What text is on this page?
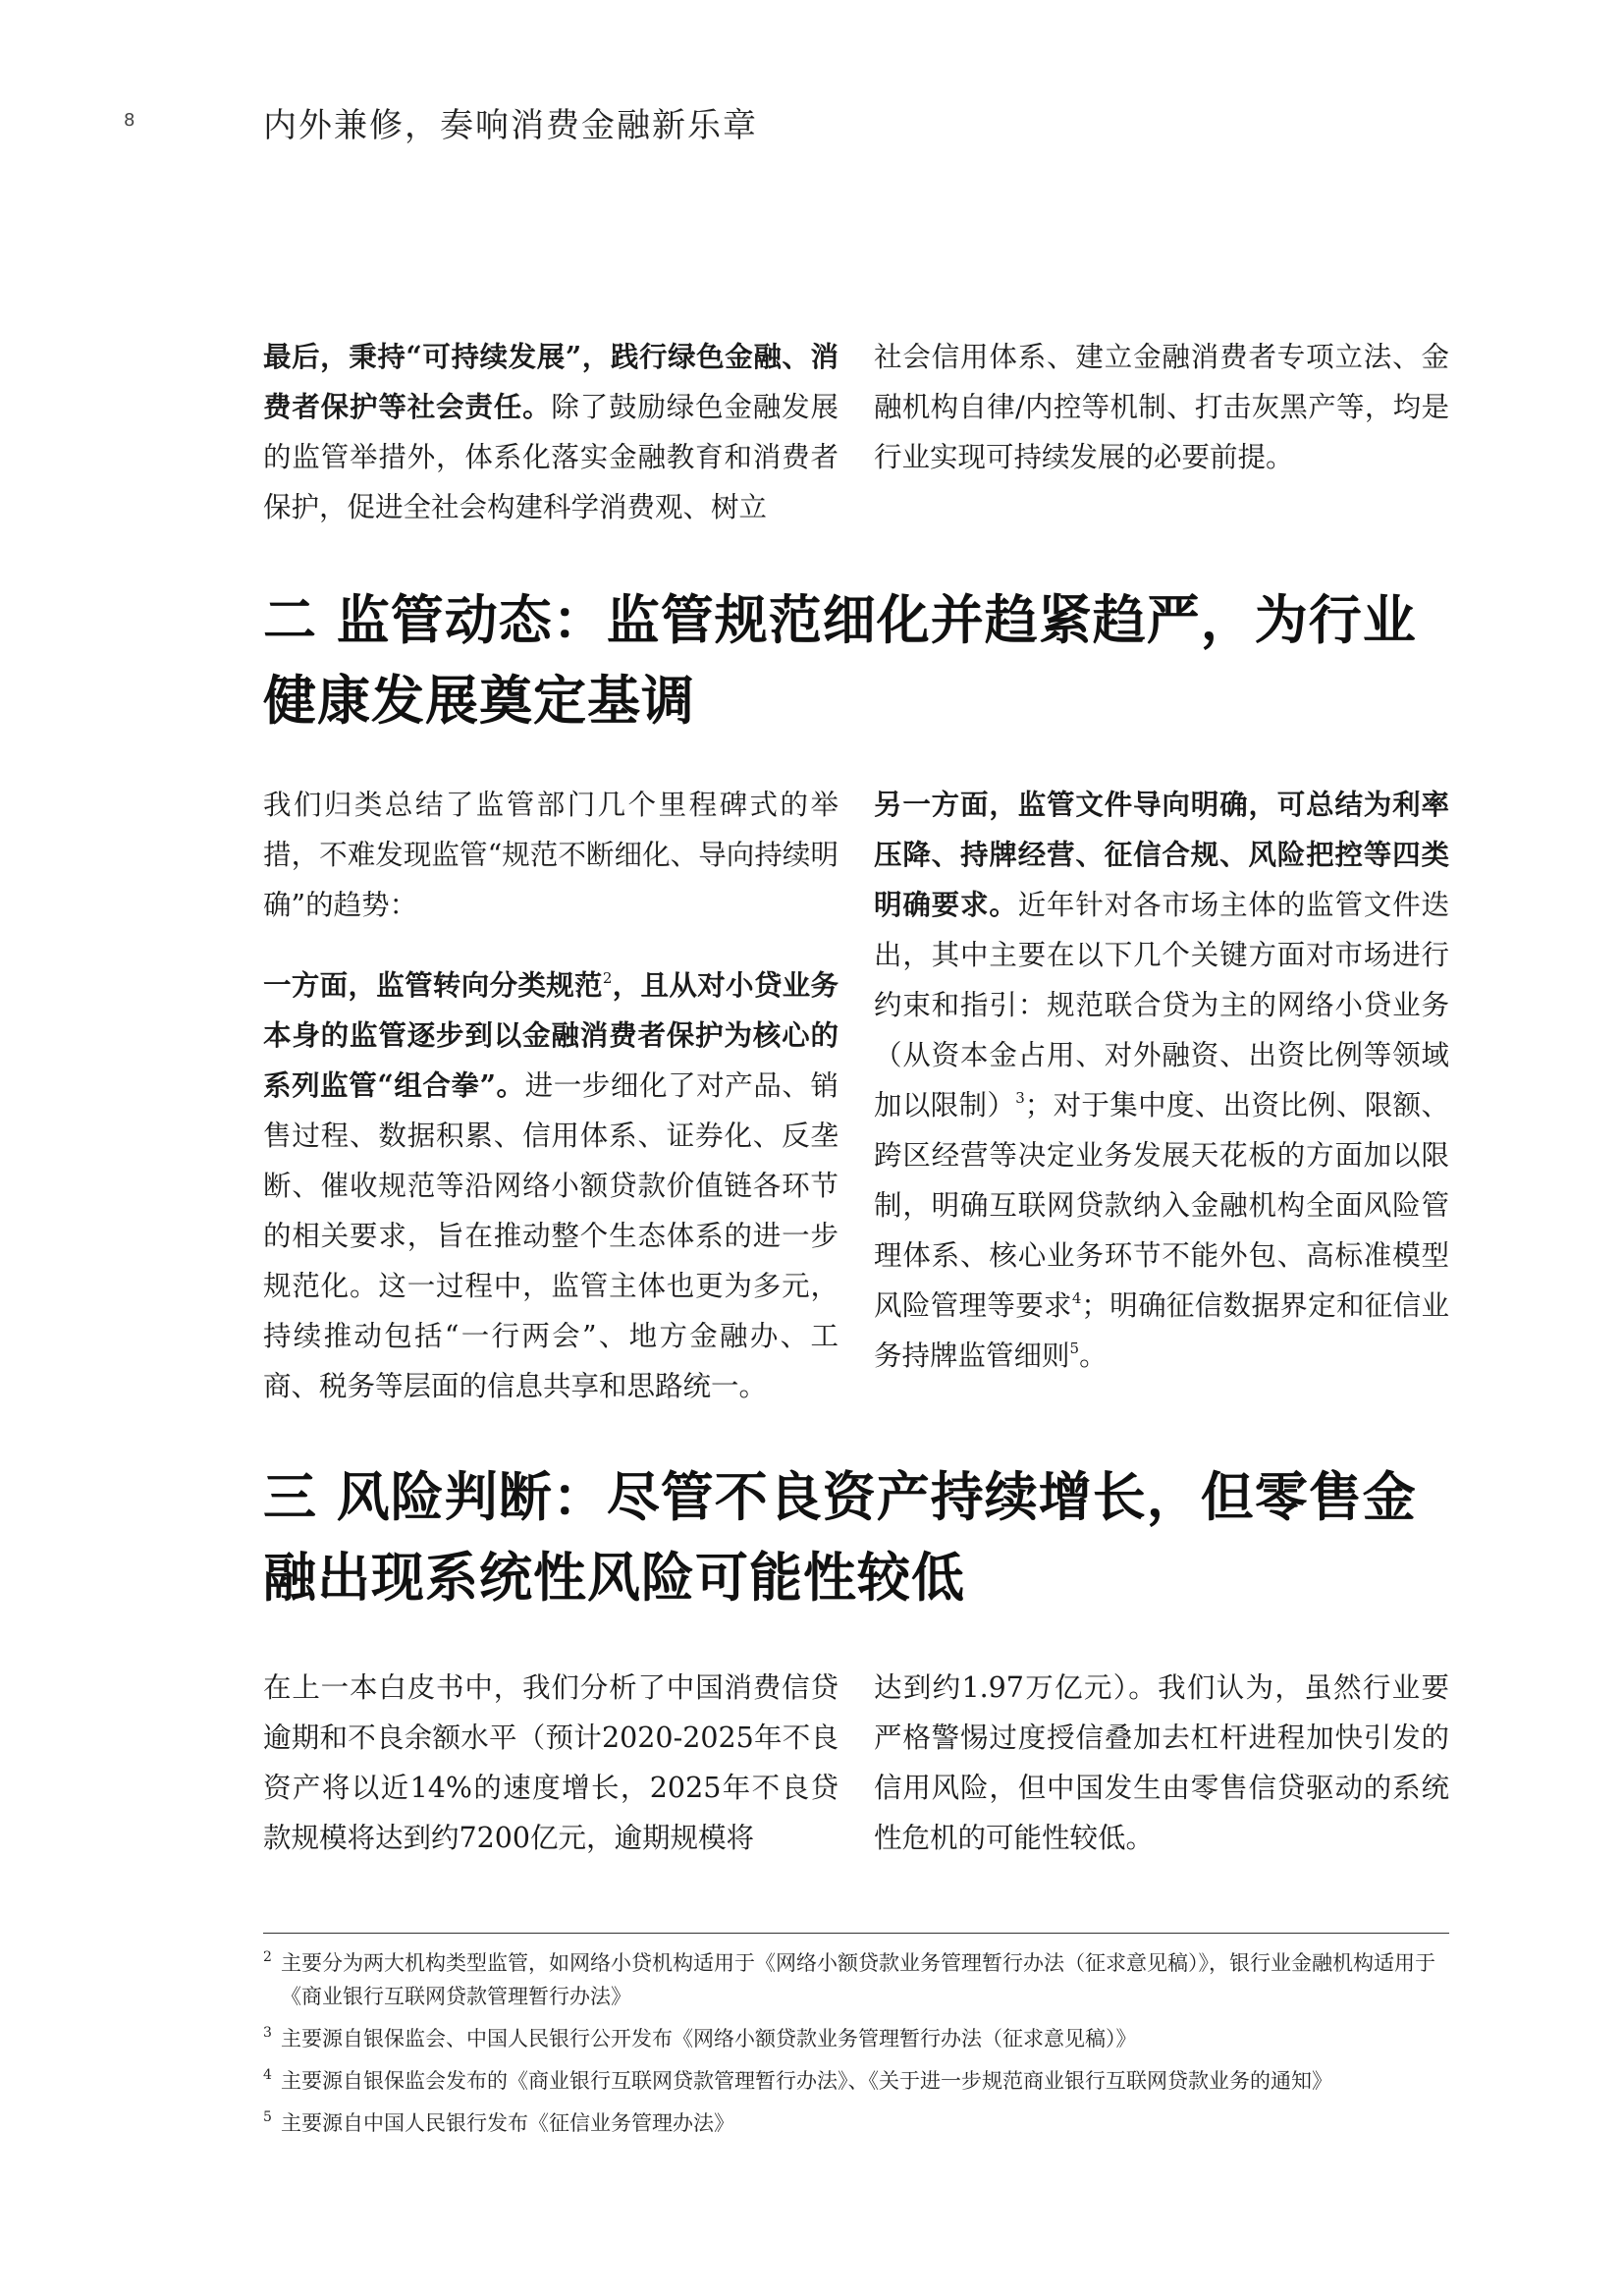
8	内外兼修，奏响消费金融新乐章

最后，秉持“可持续发展”，践行绿色金融、消费者保护等社会责任。除了鼓励绿色金融发展的监管举措外，体系化落实金融教育和消费者保护，促进全社会构建科学消费观、树立

社会信用体系、建立金融消费者专项立法、金融机构自律/内控等机制、打击灰黑产等，均是行业实现可持续发展的必要前提。

二 监管动态：监管规范细化并趋紧趋严，为行业健康发展奠定基调

我们归类总结了监管部门几个里程碑式的举措，不难发现监管“规范不断细化、导向持续明确”的趋势：

一方面，监管转向分类规范$^2$，且从对小贷业务本身的监管逐步到以金融消费者保护为核心的系列监管“组合拳”。进一步细化了对产品、销售过程、数据积累、信用体系、证券化、反垄断、催收规范等沿网络小额贷款价值链各环节的相关要求，旨在推动整个生态体系的进一步规范化。这一过程中，监管主体也更为多元，持续推动包括“一行两会”、地方金融办、工商、税务等层面的信息共享和思路统一。

另一方面，监管文件导向明确，可总结为利率压降、持牌经营、征信合规、风险把控等四类明确要求。近年针对各市场主体的监管文件迭出，其中主要在以下几个关键方面对市场进行约束和指引：规范联合贷为主的网络小贷业务（从资本金占用、对外融资、出资比例等领域加以限制）$^3$；对于集中度、出资比例、限额、跨区经营等决定业务发展天花板的方面加以限制，明确互联网贷款纳入金融机构全面风险管理体系、核心业务环节不能外包、高标准模型风险管理等要求$^4$；明确征信数据界定和征信业务持牌监管细则$^5$。

三 风险判断：尽管不良资产持续增长，但零售金融出现系统性风险可能性较低

在上一本白皮书中，我们分析了中国消费信贷逾期和不良余额水平（预计2020-2025年不良资产将以近14%的速度增长，2025年不良贷款规模将达到约7200亿元，逾期规模将

达到约1.97万亿元）。我们认为，虽然行业要严格警惕过度授信叠加去杠杆进程加快引发的信用风险，但中国发生由零售信贷驱动的系统性危机的可能性较低。

2 主要分为两大机构类型监管，如网络小贷机构适用于《网络小额贷款业务管理暂行办法（征求意见稿）》，银行业金融机构适用于《商业银行互联网贷款管理暂行办法》
3 主要源自银保监会、中国人民银行公开发布《网络小额贷款业务管理暂行办法（征求意见稿）》
4 主要源自银保监会发布的《商业银行互联网贷款管理暂行办法》、《关于进一步规范商业银行互联网贷款业务的通知》
5 主要源自中国人民银行发布《征信业务管理办法》
